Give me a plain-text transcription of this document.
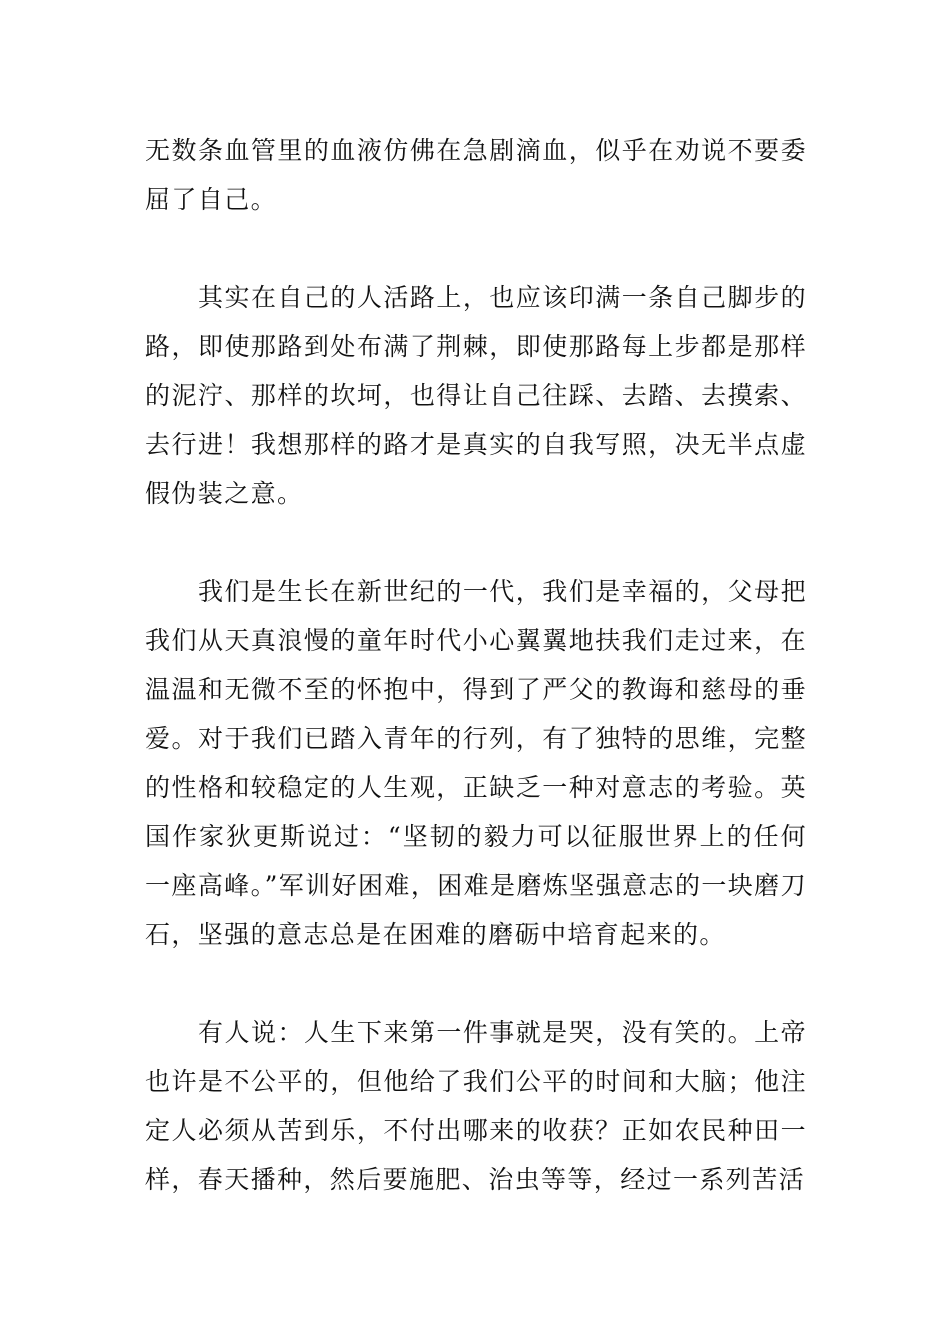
无数条血管里的血液仿佛在急剧滴血，似乎在劝说不要委屈了自己。

其实在自己的人活路上，也应该印满一条自己脚步的路，即使那路到处布满了荆棘，即使那路每上步都是那样的泥泞、那样的坎坷，也得让自己往踩、去踏、去摸索、去行进！我想那样的路才是真实的自我写照，决无半点虚假伪装之意。

我们是生长在新世纪的一代，我们是幸福的，父母把我们从天真浪慢的童年时代小心翼翼地扶我们走过来，在温温和无微不至的怀抱中，得到了严父的教诲和慈母的垂爱。对于我们已踏入青年的行列，有了独特的思维，完整的性格和较稳定的人生观，正缺乏一种对意志的考验。英国作家狄更斯说过：“坚韧的毅力可以征服世界上的任何一座高峰。”军训好困难，困难是磨炼坚强意志的一块磨刀石，坚强的意志总是在困难的磨砺中培育起来的。

有人说：人生下来第一件事就是哭，没有笑的。上帝也许是不公平的，但他给了我们公平的时间和大脑；他注定人必须从苦到乐，不付出哪来的收获？正如农民种田一样，春天播种，然后要施肥、治虫等等，经过一系列苦活
